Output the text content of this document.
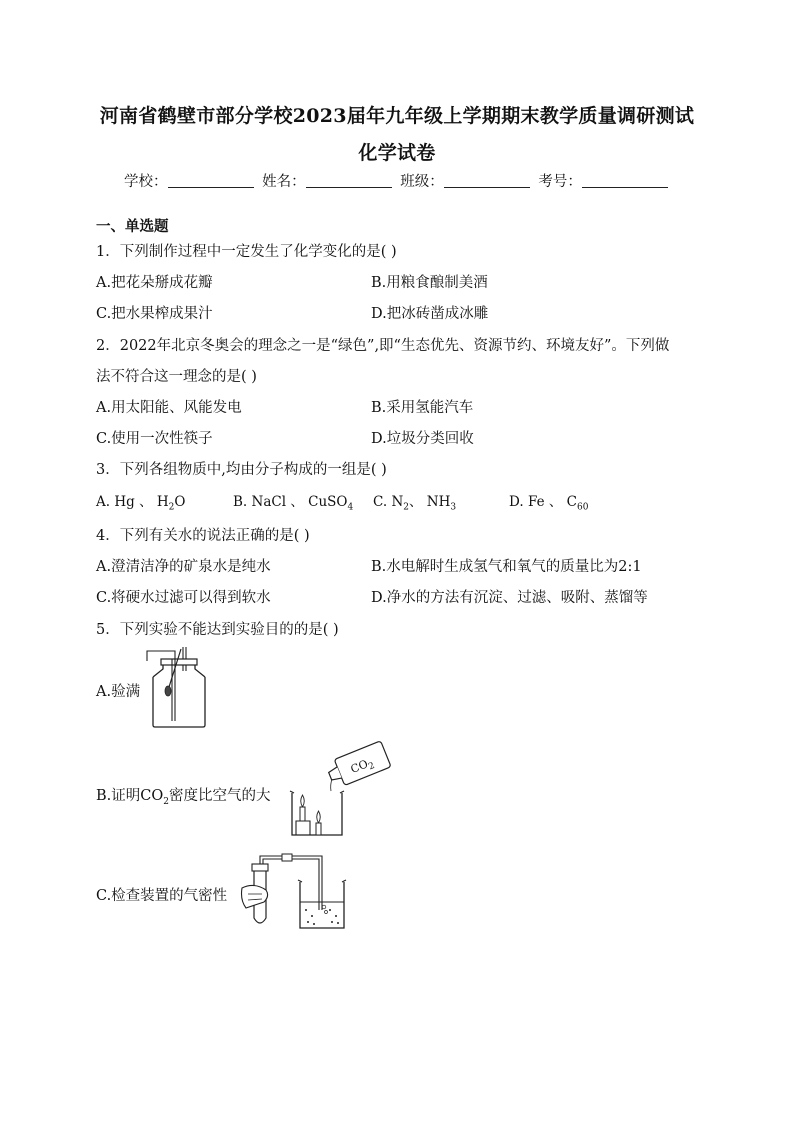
河南省鹤壁市部分学校2023届年九年级上学期期末教学质量调研测试
化学试卷
学校：	姓名：	班级：	考号：
一、单选题
1．下列制作过程中一定发生了化学变化的是( )
A.把花朵掰成花瓣	B.用粮食酿制美酒
C.把水果榨成果汁	D.把冰砖凿成冰雕
2．2022年北京冬奥会的理念之一是“绿色”,即“生态优先、资源节约、环境友好”。下列做
法不符合这一理念的是( )
A.用太阳能、风能发电	B.采用氢能汽车
C.使用一次性筷子	D.垃圾分类回收
3．下列各组物质中,均由分子构成的一组是( )
A. Hg 、 $H_2O$	B. NaCl 、 CuSO$_4$ C. $N_2$、 $NH_3$	D. Fe 、 $C_{60}$
4．下列有关水的说法正确的是( )
A.澄清洁净的矿泉水是纯水	B.水电解时生成氢气和氧气的质量比为2:1
C.将硬水过滤可以得到软水	D.净水的方法有沉淀、过滤、吸附、蒸馏等
5．下列实验不能达到实验目的的是( )
A.验满
B.证明$CO_2$密度比空气的大
$CO_2$
C.检查装置的气密性
